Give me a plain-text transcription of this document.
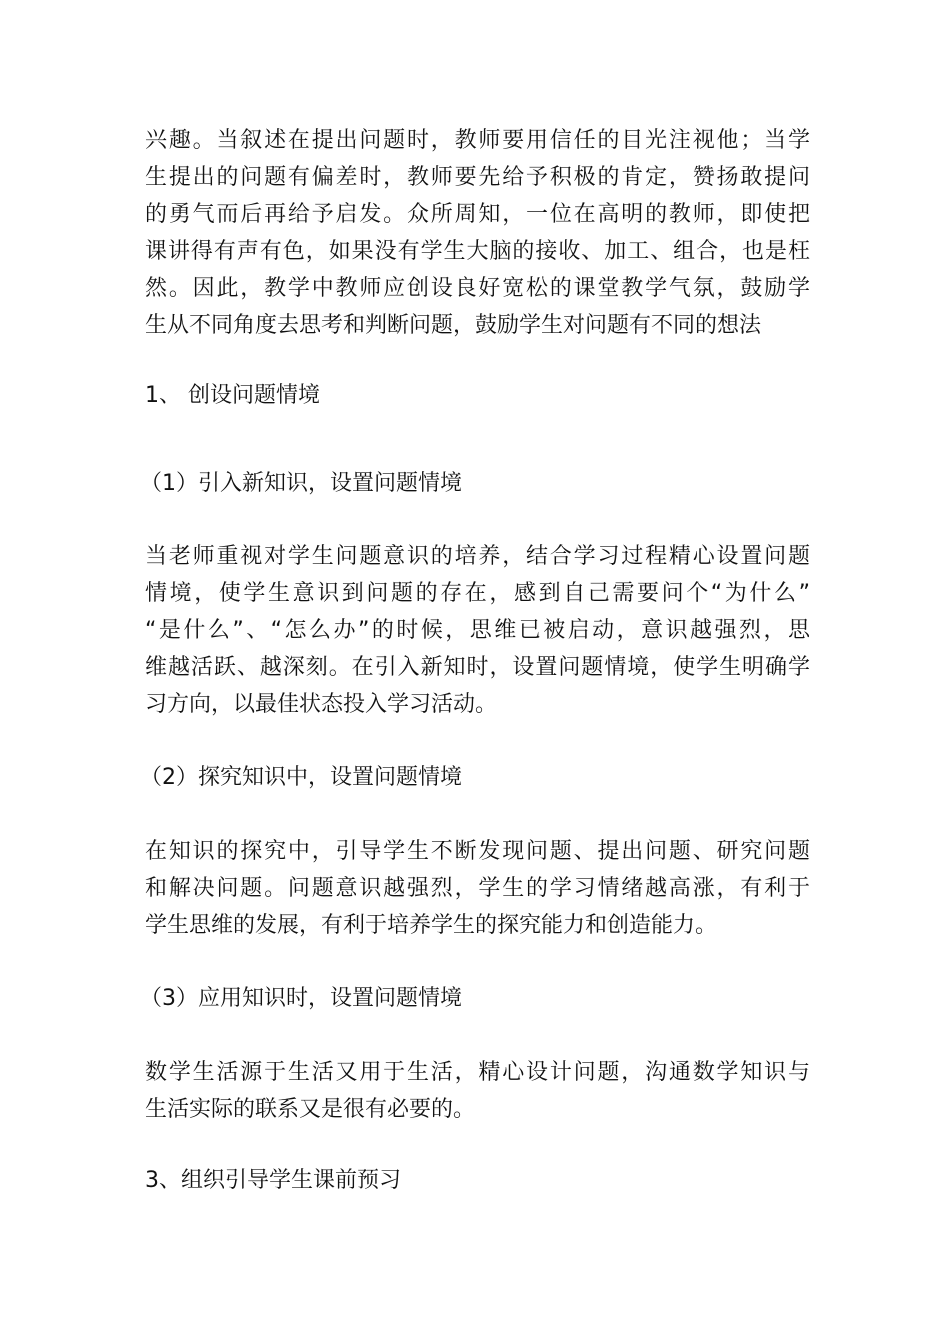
兴趣。当叙述在提出问题时，教师要用信任的目光注视他；当学
生提出的问题有偏差时，教师要先给予积极的肯定，赞扬敢提问
的勇气而后再给予启发。众所周知，一位在高明的教师，即使把
课讲得有声有色，如果没有学生大脑的接收、加工、组合，也是枉
然。因此，教学中教师应创设良好宽松的课堂教学气氛，鼓励学
生从不同角度去思考和判断问题，鼓励学生对问题有不同的想法

1、 创设问题情境

（1）引入新知识，设置问题情境

当老师重视对学生问题意识的培养，结合学习过程精心设置问题
情境，使学生意识到问题的存在，感到自己需要问个“为什么”
“是什么”、“怎么办”的时候，思维已被启动，意识越强烈，思
维越活跃、越深刻。在引入新知时，设置问题情境，使学生明确学
习方向，以最佳状态投入学习活动。

（2）探究知识中，设置问题情境

在知识的探究中，引导学生不断发现问题、提出问题、研究问题
和解决问题。问题意识越强烈，学生的学习情绪越高涨，有利于
学生思维的发展，有利于培养学生的探究能力和创造能力。

（3）应用知识时，设置问题情境

数学生活源于生活又用于生活，精心设计问题，沟通数学知识与
生活实际的联系又是很有必要的。

3、组织引导学生课前预习
